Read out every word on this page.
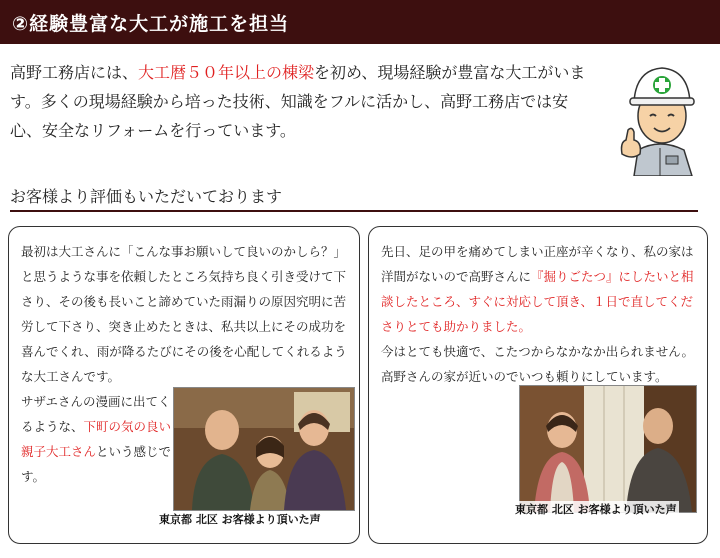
②経験豊富な大工が施工を担当
高野工務店には、大工暦５０年以上の棟梁を初め、現場経験が豊富な大工がいます。多くの現場経験から培った技術、知識をフルに活かし、高野工務店では安心、安全なリフォームを行っています。
お客様より評価もいただいております
最初は大工さんに「こんな事お願いして良いのかしら？」と思うような事を依頼したところ気持ち良く引き受けて下さり、その後も長いこと諦めていた雨漏りの原因究明に苦労して下さり、突き止めたときは、私共以上にその成功を喜んでくれ、雨が降るたびにその後を心配してくれるような大工さんです。
サザエさんの漫画に出てくるような、下町の気の良い親子大工さんという感じです。
東京都 北区 お客様より頂いた声
先日、足の甲を痛めてしまい正座が辛くなり、私の家は洋間がないので高野さんに『掘りごたつ』にしたいと相談したところ、すぐに対応して頂き、１日で直してくださりとても助かりました。
今はとても快適で、こたつからなかなか出られません。高野さんの家が近いのでいつも頼りにしています。
東京都 北区 お客様より頂いた声
